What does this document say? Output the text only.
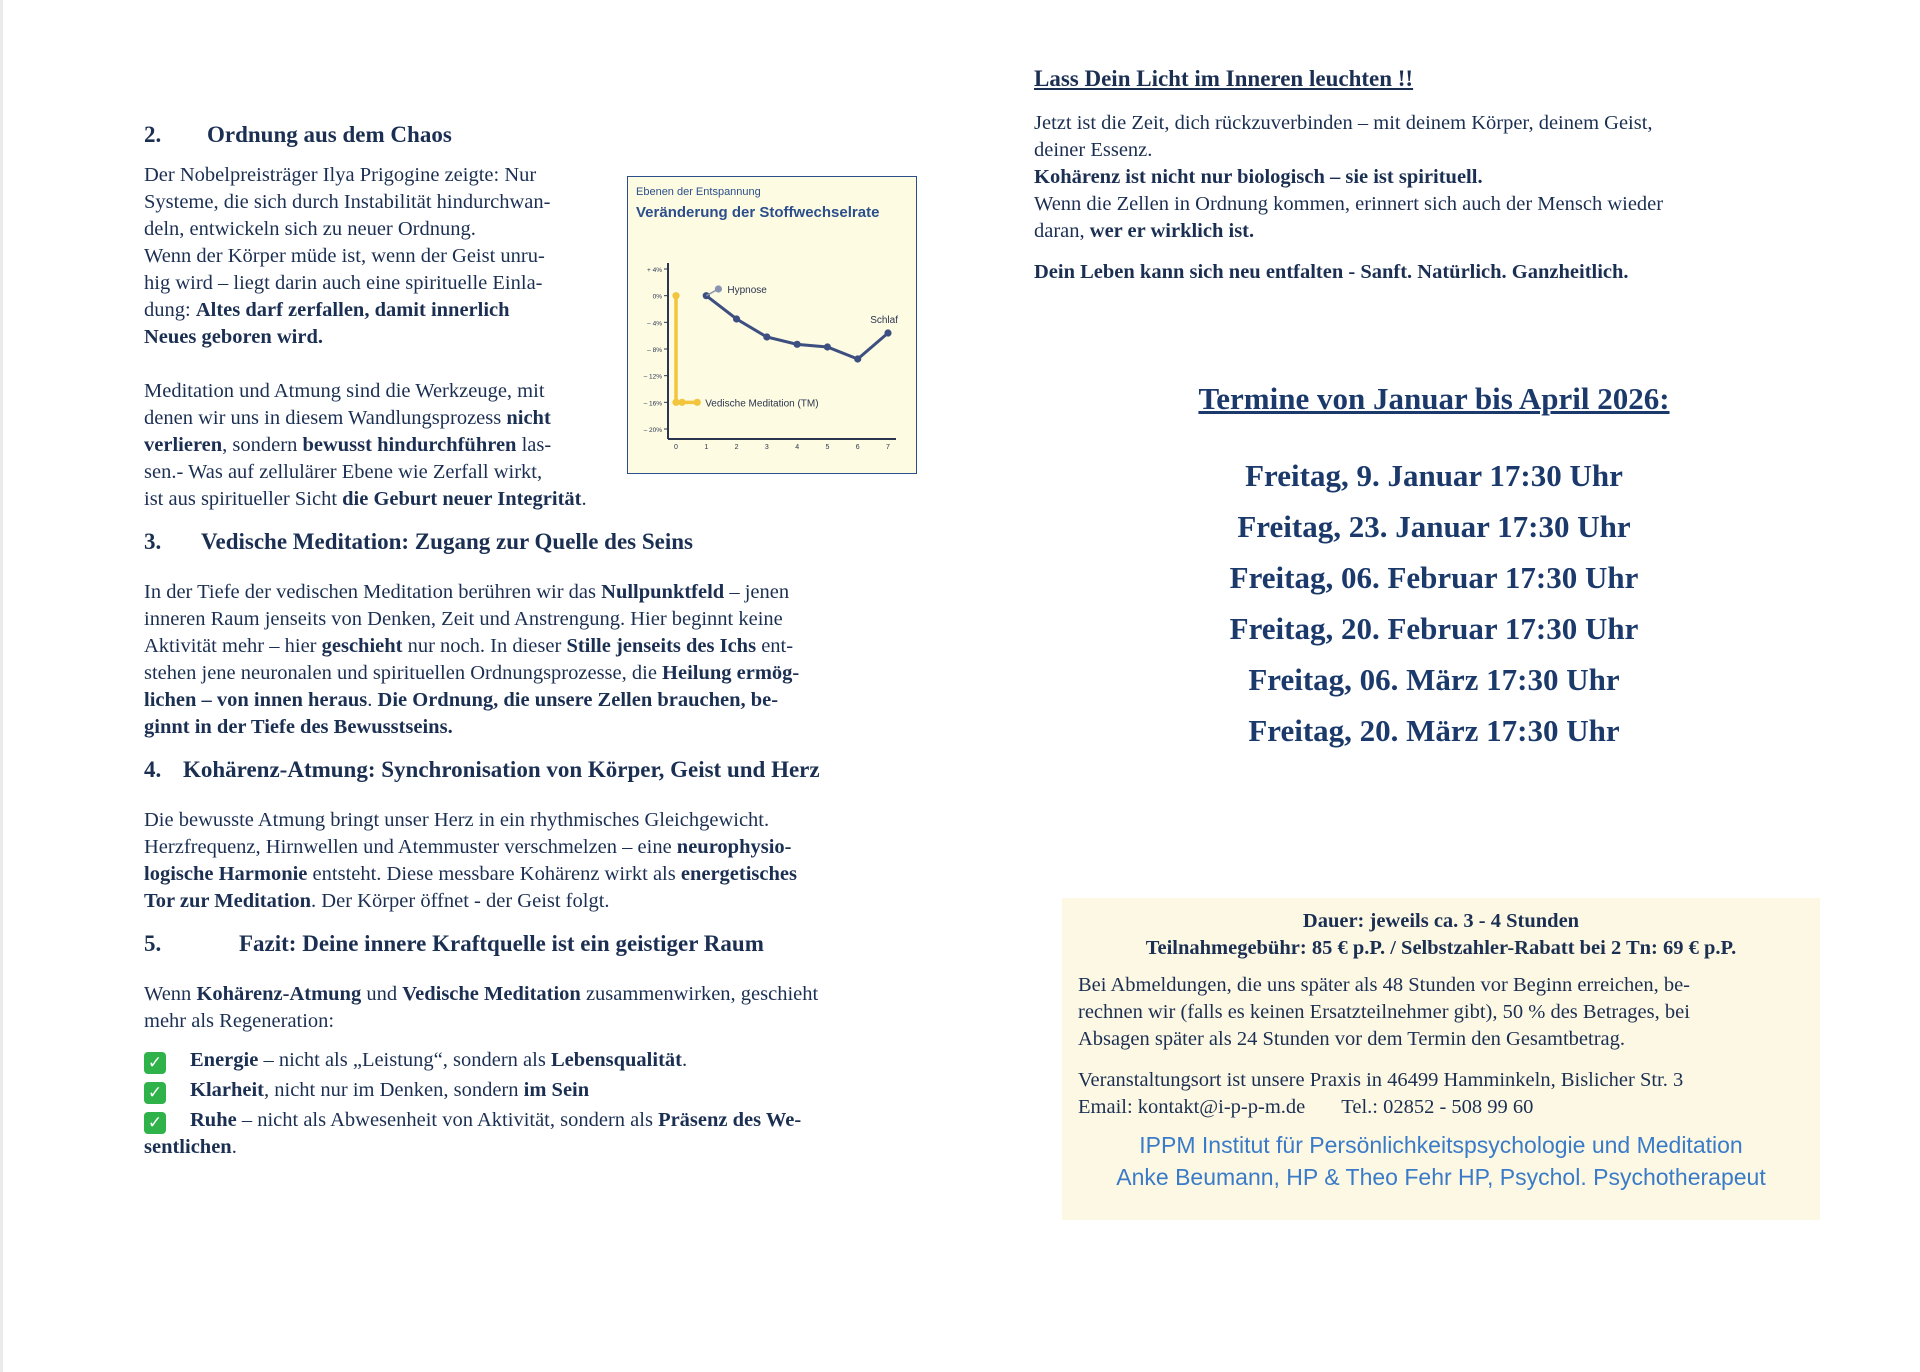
2.	Ordnung aus dem Chaos

Der Nobelpreisträger Ilya Prigogine zeigte: Nur
Systeme, die sich durch Instabilität hindurchwan-
deln, entwickeln sich zu neuer Ordnung.
Wenn der Körper müde ist, wenn der Geist unru-
hig wird – liegt darin auch eine spirituelle Einla-
dung: Altes darf zerfallen, damit innerlich
Neues geboren wird.

Meditation und Atmung sind die Werkzeuge, mit
denen wir uns in diesem Wandlungsprozess nicht
verlieren, sondern bewusst hindurchführen las-
sen.- Was auf zellulärer Ebene wie Zerfall wirkt,

ist aus spiritueller Sicht die Geburt neuer Integrität.

3.	Vedische Meditation: Zugang zur Quelle des Seins

In der Tiefe der vedischen Meditation berühren wir das Nullpunktfeld – jenen
inneren Raum jenseits von Denken, Zeit und Anstrengung. Hier beginnt keine
Aktivität mehr – hier geschieht nur noch. In dieser Stille jenseits des Ichs ent-
stehen jene neuronalen und spirituellen Ordnungsprozesse, die Heilung ermög-
lichen – von innen heraus. Die Ordnung, die unsere Zellen brauchen, be-
ginnt in der Tiefe des Bewusstseins.

4. Kohärenz-Atmung: Synchronisation von Körper, Geist und Herz

Die bewusste Atmung bringt unser Herz in ein rhythmisches Gleichgewicht.
Herzfrequenz, Hirnwellen und Atemmuster verschmelzen – eine neurophysio-
logische Harmonie entsteht. Diese messbare Kohärenz wirkt als energetisches
Tor zur Meditation. Der Körper öffnet - der Geist folgt.

5.	Fazit: Deine innere Kraftquelle ist ein geistiger Raum

Wenn Kohärenz-Atmung und Vedische Meditation zusammenwirken, geschieht
mehr als Regeneration:

✓ Energie – nicht als „Leistung“, sondern als Lebensqualität.

✓ Klarheit, nicht nur im Denken, sondern im Sein

✓ Ruhe – nicht als Abwesenheit von Aktivität, sondern als Präsenz des We-
sentlichen.

Ebenen der Entspannung
Veränderung der Stoffwechselrate
+ 4%
0%
– 4%
– 8%
– 12%
– 16%
– 20%
0	1	2	3	4	5	6	7
Hypnose
Schlaf
Vedische Meditation (TM)
Lass Dein Licht im Inneren leuchten !!

Jetzt ist die Zeit, dich rückzuverbinden – mit deinem Körper, deinem Geist,
deiner Essenz.
Kohärenz ist nicht nur biologisch – sie ist spirituell.
Wenn die Zellen in Ordnung kommen, erinnert sich auch der Mensch wieder
daran, wer er wirklich ist.

Dein Leben kann sich neu entfalten - Sanft. Natürlich. Ganzheitlich.

Termine von Januar bis April 2026:
Freitag, 9. Januar 17:30 Uhr
Freitag, 23. Januar 17:30 Uhr
Freitag, 06. Februar 17:30 Uhr
Freitag, 20. Februar 17:30 Uhr
Freitag, 06. März 17:30 Uhr
Freitag, 20. März 17:30 Uhr

Dauer: jeweils ca. 3 - 4 Stunden

Teilnahmegebühr: 85 € p.P. / Selbstzahler-Rabatt bei 2 Tn: 69 € p.P.

Bei Abmeldungen, die uns später als 48 Stunden vor Beginn erreichen, be-
rechnen wir (falls es keinen Ersatzteilnehmer gibt), 50 % des Betrages, bei
Absagen später als 24 Stunden vor dem Termin den Gesamtbetrag.

Veranstaltungsort ist unsere Praxis in 46499 Hamminkeln, Bislicher Str. 3

Email: kontakt@i-p-p-m.de Tel.: 02852 - 508 99 60

IPPM Institut für Persönlichkeitspsychologie und Meditation

Anke Beumann, HP & Theo Fehr HP, Psychol. Psychotherapeut
